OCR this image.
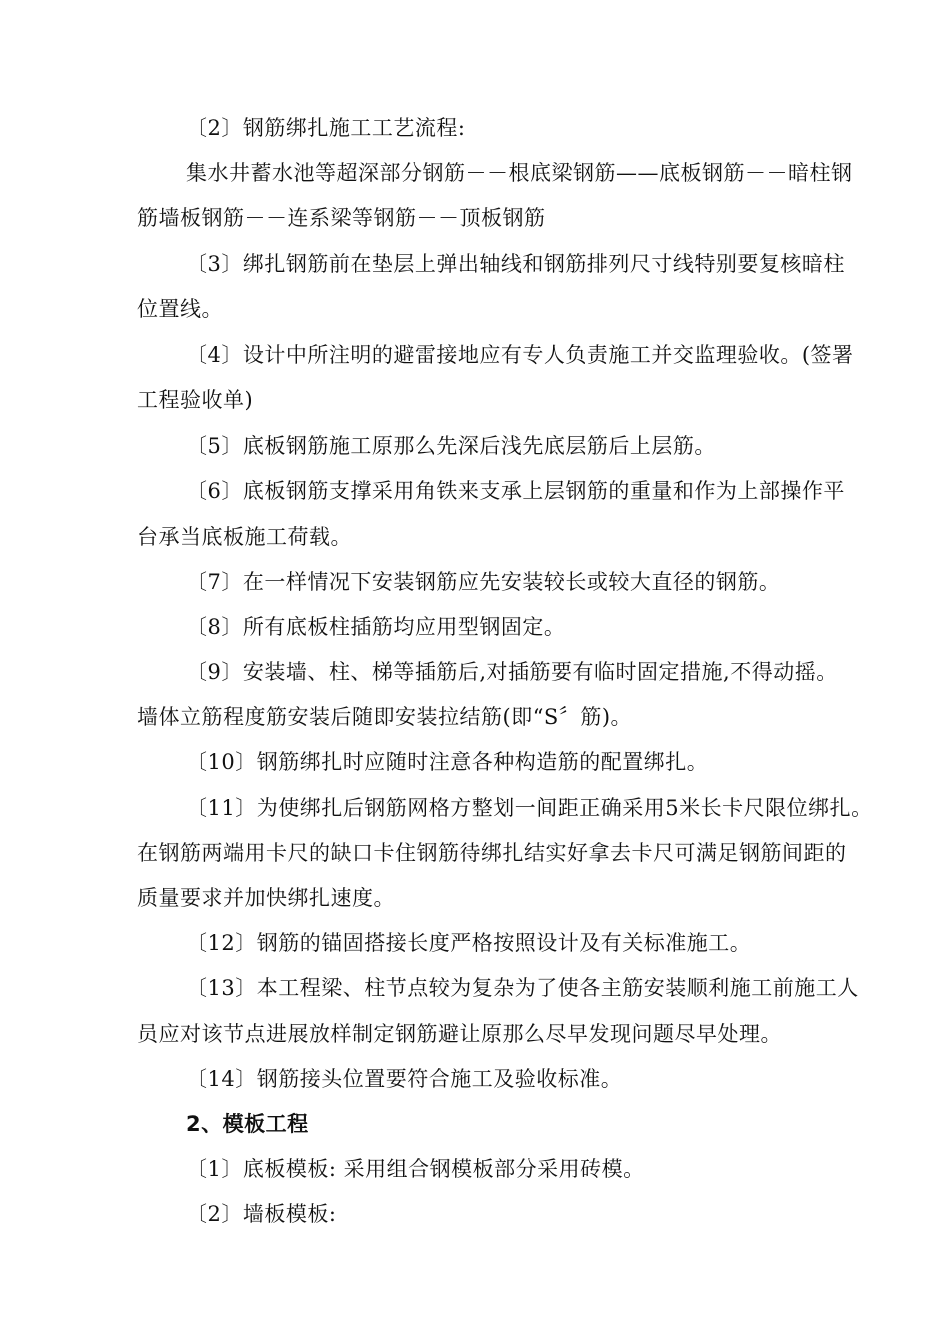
〔2〕钢筋绑扎施工工艺流程:
集水井蓄水池等超深部分钢筋－－根底梁钢筋——底板钢筋－－暗柱钢
筋墙板钢筋－－连系梁等钢筋－－顶板钢筋
〔3〕绑扎钢筋前在垫层上弹出轴线和钢筋排列尺寸线特别要复核暗柱
位置线。
〔4〕设计中所注明的避雷接地应有专人负责施工并交监理验收。(签署
工程验收单)
〔5〕底板钢筋施工原那么先深后浅先底层筋后上层筋。
〔6〕底板钢筋支撑采用角铁来支承上层钢筋的重量和作为上部操作平
台承当底板施工荷载。
〔7〕在一样情况下安装钢筋应先安装较长或较大直径的钢筋。
〔8〕所有底板柱插筋均应用型钢固定。
〔9〕安装墙、柱、梯等插筋后,对插筋要有临时固定措施,不得动摇。
墙体立筋程度筋安装后随即安装拉结筋(即“S〞筋)。
〔10〕钢筋绑扎时应随时注意各种构造筋的配置绑扎。
〔11〕为使绑扎后钢筋网格方整划一间距正确采用5米长卡尺限位绑扎。
在钢筋两端用卡尺的缺口卡住钢筋待绑扎结实好拿去卡尺可满足钢筋间距的
质量要求并加快绑扎速度。
〔12〕钢筋的锚固搭接长度严格按照设计及有关标准施工。
〔13〕本工程梁、柱节点较为复杂为了使各主筋安装顺利施工前施工人
员应对该节点进展放样制定钢筋避让原那么尽早发现问题尽早处理。
〔14〕钢筋接头位置要符合施工及验收标准。
2、模板工程
〔1〕底板模板: 采用组合钢模板部分采用砖模。
〔2〕墙板模板:
